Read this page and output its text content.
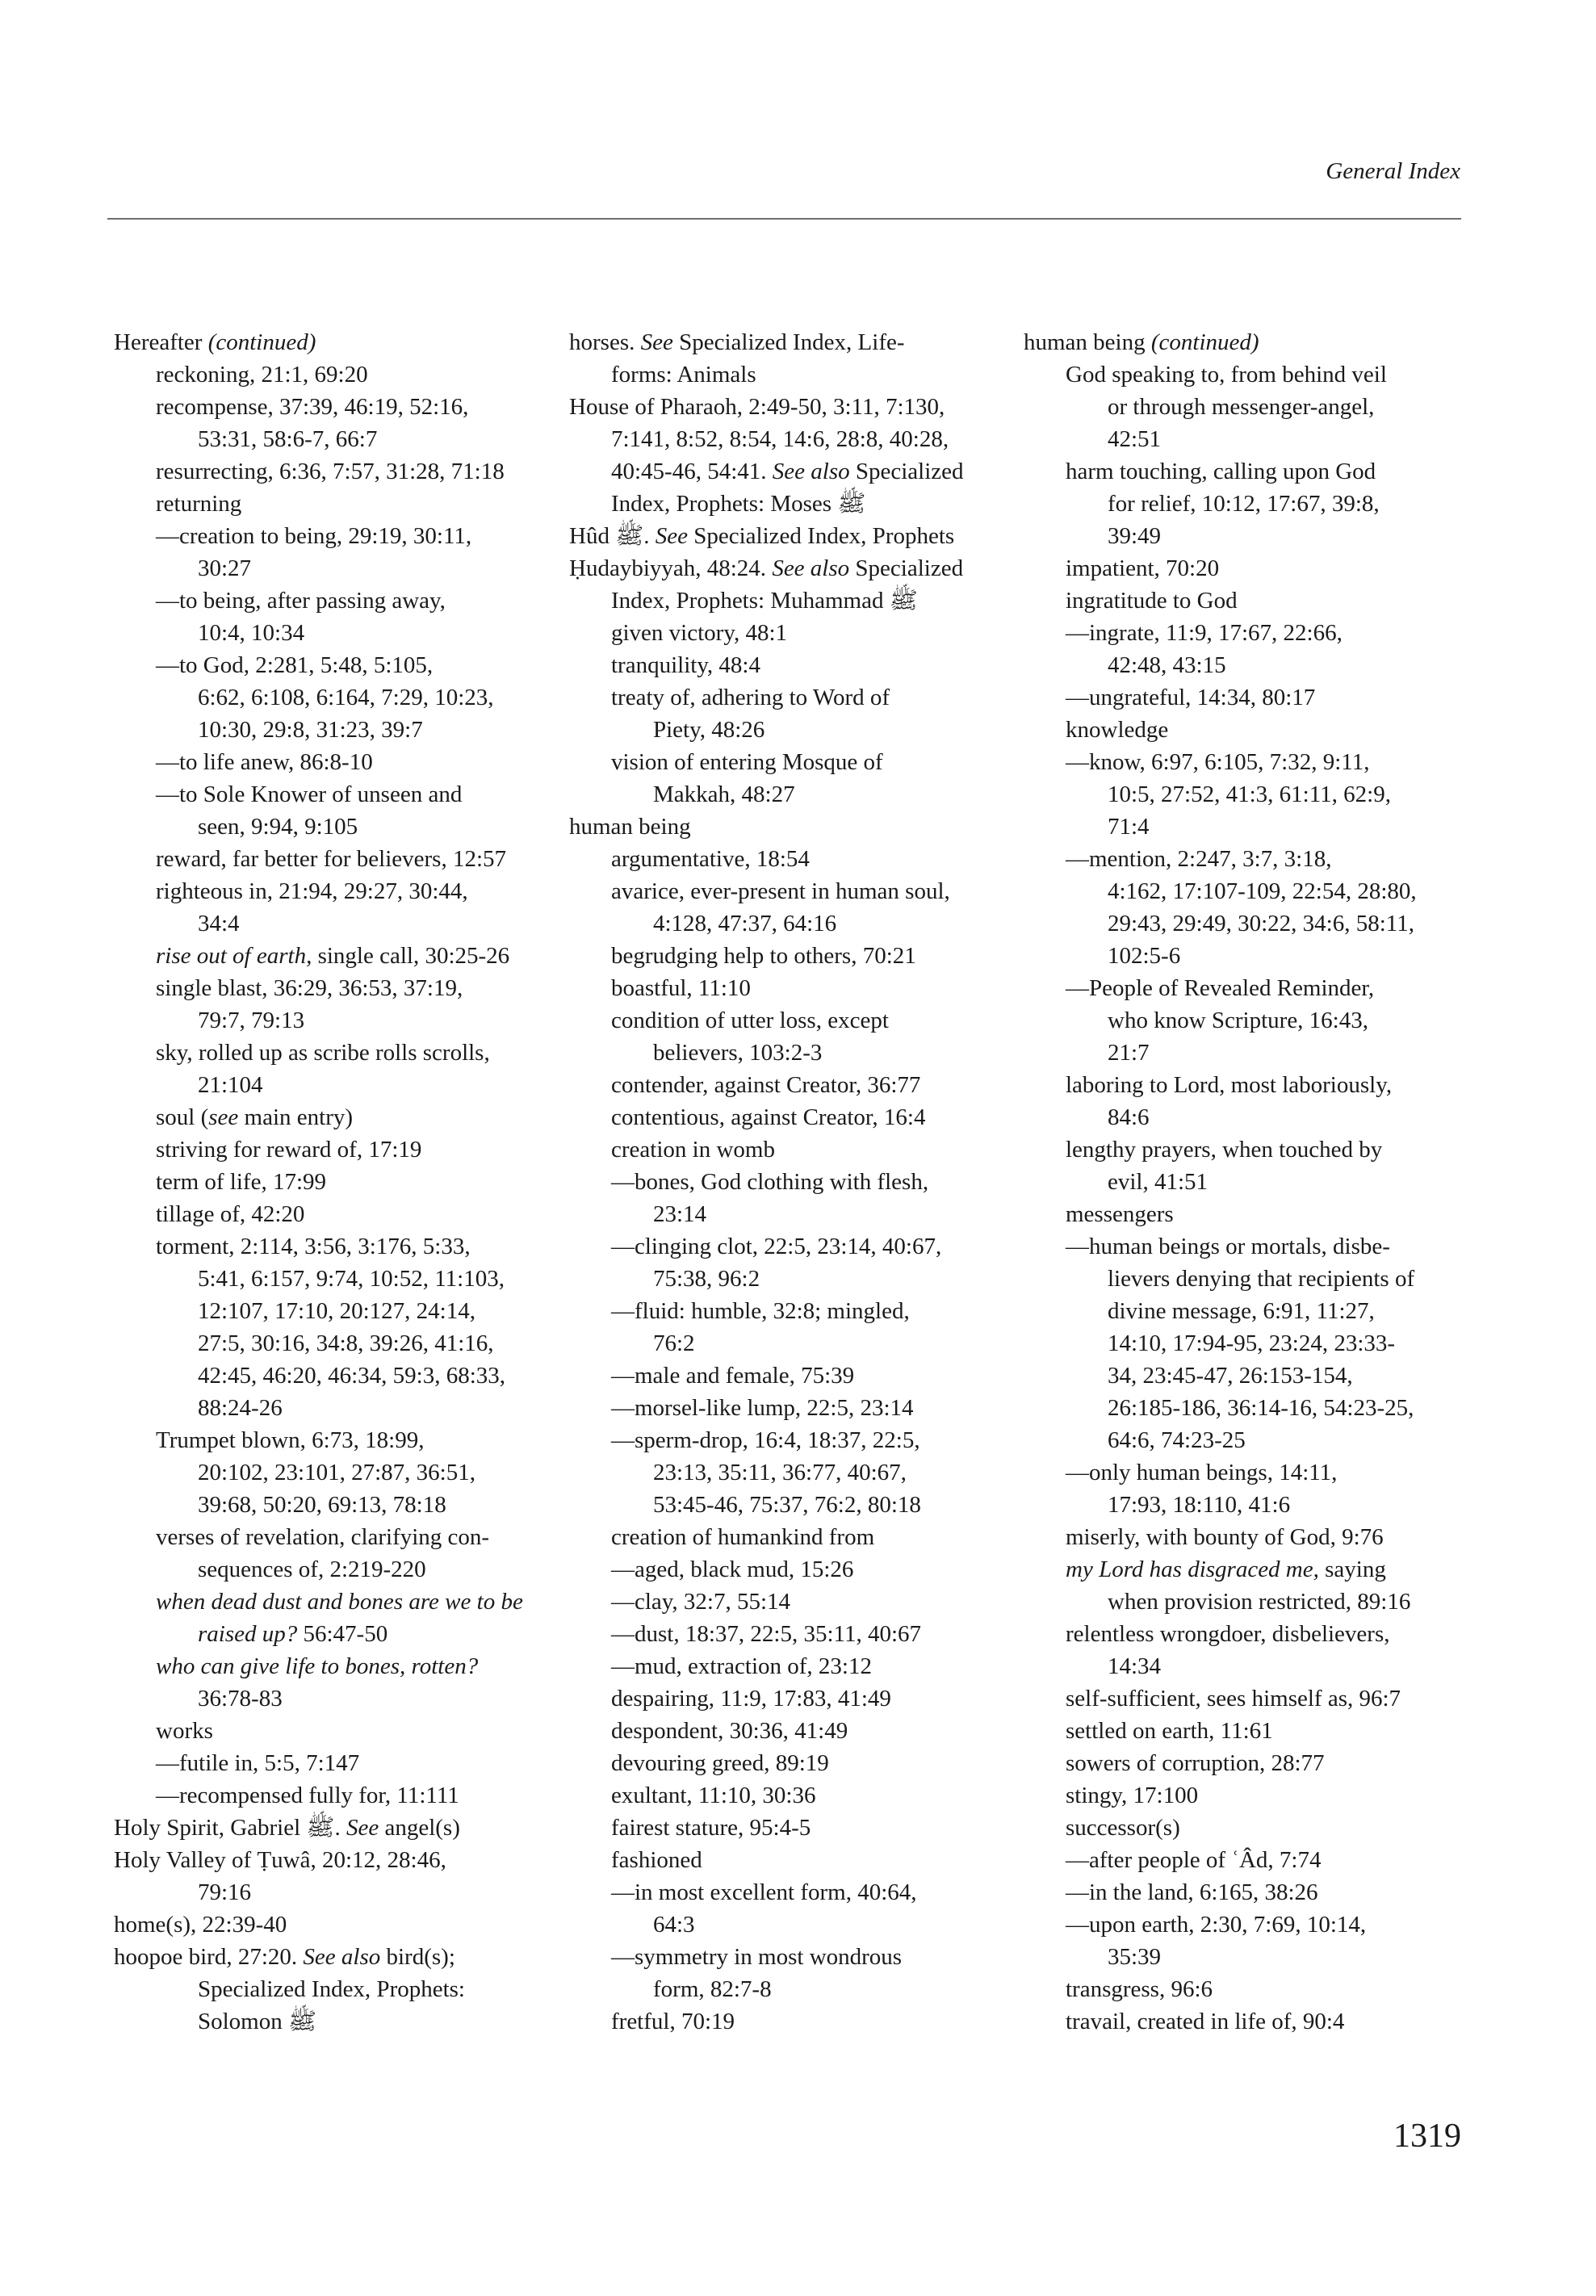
General Index
Hereafter (continued)
reckoning, 21:1, 69:20
recompense, 37:39, 46:19, 52:16,
53:31, 58:6-7, 66:7
resurrecting, 6:36, 7:57, 31:28, 71:18
returning
—creation to being, 29:19, 30:11,
30:27
—to being, after passing away,
10:4, 10:34
—to God, 2:281, 5:48, 5:105,
6:62, 6:108, 6:164, 7:29, 10:23,
10:30, 29:8, 31:23, 39:7
—to life anew, 86:8-10
—to Sole Knower of unseen and
seen, 9:94, 9:105
reward, far better for believers, 12:57
righteous in, 21:94, 29:27, 30:44,
34:4
rise out of earth, single call, 30:25-26
single blast, 36:29, 36:53, 37:19,
79:7, 79:13
sky, rolled up as scribe rolls scrolls,
21:104
soul (see main entry)
striving for reward of, 17:19
term of life, 17:99
tillage of, 42:20
torment, 2:114, 3:56, 3:176, 5:33,
5:41, 6:157, 9:74, 10:52, 11:103,
12:107, 17:10, 20:127, 24:14,
27:5, 30:16, 34:8, 39:26, 41:16,
42:45, 46:20, 46:34, 59:3, 68:33,
88:24-26
Trumpet blown, 6:73, 18:99,
20:102, 23:101, 27:87, 36:51,
39:68, 50:20, 69:13, 78:18
verses of revelation, clarifying con-
sequences of, 2:219-220
when dead dust and bones are we to be
raised up? 56:47-50
who can give life to bones, rotten?
36:78-83
works
—futile in, 5:5, 7:147
—recompensed fully for, 11:111
Holy Spirit, Gabriel ﷺ. See angel(s)
Holy Valley of Ṭuwâ, 20:12, 28:46,
79:16
home(s), 22:39-40
hoopoe bird, 27:20. See also bird(s);
Specialized Index, Prophets:
Solomon ﷺ
horses. See Specialized Index, Life-
forms: Animals
House of Pharaoh, 2:49-50, 3:11, 7:130,
7:141, 8:52, 8:54, 14:6, 28:8, 40:28,
40:45-46, 54:41. See also Specialized
Index, Prophets: Moses ﷺ
Hûd ﷺ. See Specialized Index, Prophets
Ḥudaybiyyah, 48:24. See also Specialized
Index, Prophets: Muhammad ﷺ
given victory, 48:1
tranquility, 48:4
treaty of, adhering to Word of
Piety, 48:26
vision of entering Mosque of
Makkah, 48:27
human being
argumentative, 18:54
avarice, ever-present in human soul,
4:128, 47:37, 64:16
begrudging help to others, 70:21
boastful, 11:10
condition of utter loss, except
believers, 103:2-3
contender, against Creator, 36:77
contentious, against Creator, 16:4
creation in womb
—bones, God clothing with flesh,
23:14
—clinging clot, 22:5, 23:14, 40:67,
75:38, 96:2
—fluid: humble, 32:8; mingled,
76:2
—male and female, 75:39
—morsel-like lump, 22:5, 23:14
—sperm-drop, 16:4, 18:37, 22:5,
23:13, 35:11, 36:77, 40:67,
53:45-46, 75:37, 76:2, 80:18
creation of humankind from
—aged, black mud, 15:26
—clay, 32:7, 55:14
—dust, 18:37, 22:5, 35:11, 40:67
—mud, extraction of, 23:12
despairing, 11:9, 17:83, 41:49
despondent, 30:36, 41:49
devouring greed, 89:19
exultant, 11:10, 30:36
fairest stature, 95:4-5
fashioned
—in most excellent form, 40:64,
64:3
—symmetry in most wondrous
form, 82:7-8
fretful, 70:19
human being (continued)
God speaking to, from behind veil
or through messenger-angel,
42:51
harm touching, calling upon God
for relief, 10:12, 17:67, 39:8,
39:49
impatient, 70:20
ingratitude to God
—ingrate, 11:9, 17:67, 22:66,
42:48, 43:15
—ungrateful, 14:34, 80:17
knowledge
—know, 6:97, 6:105, 7:32, 9:11,
10:5, 27:52, 41:3, 61:11, 62:9,
71:4
—mention, 2:247, 3:7, 3:18,
4:162, 17:107-109, 22:54, 28:80,
29:43, 29:49, 30:22, 34:6, 58:11,
102:5-6
—People of Revealed Reminder,
who know Scripture, 16:43,
21:7
laboring to Lord, most laboriously,
84:6
lengthy prayers, when touched by
evil, 41:51
messengers
—human beings or mortals, disbe-
lievers denying that recipients of
divine message, 6:91, 11:27,
14:10, 17:94-95, 23:24, 23:33-
34, 23:45-47, 26:153-154,
26:185-186, 36:14-16, 54:23-25,
64:6, 74:23-25
—only human beings, 14:11,
17:93, 18:110, 41:6
miserly, with bounty of God, 9:76
my Lord has disgraced me, saying
when provision restricted, 89:16
relentless wrongdoer, disbelievers,
14:34
self-sufficient, sees himself as, 96:7
settled on earth, 11:61
sowers of corruption, 28:77
stingy, 17:100
successor(s)
—after people of ʿÂd, 7:74
—in the land, 6:165, 38:26
—upon earth, 2:30, 7:69, 10:14,
35:39
transgress, 96:6
travail, created in life of, 90:4
1319
